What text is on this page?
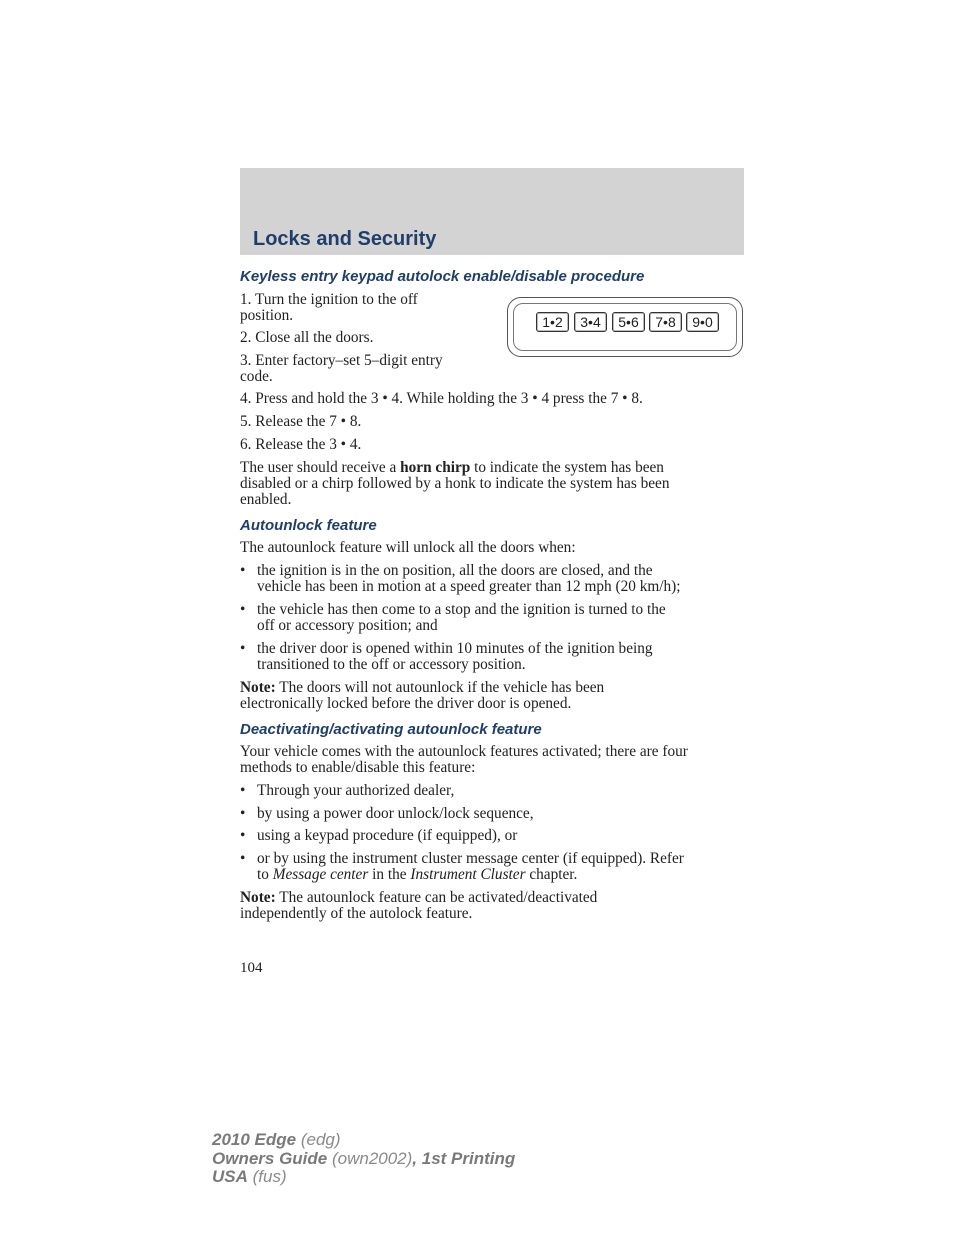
Locks and Security
Keyless entry keypad autolock enable/disable procedure
1. Turn the ignition to the off
position.
2. Close all the doors.
3. Enter factory–set 5–digit entry
code.
4. Press and hold the 3 • 4. While holding the 3 • 4 press the 7 • 8.
5. Release the 7 • 8.
6. Release the 3 • 4.
The user should receive a horn chirp to indicate the system has been
disabled or a chirp followed by a honk to indicate the system has been
enabled.
1•2	3•4	5•6	7•8	9•0
Autounlock feature
The autounlock feature will unlock all the doors when:
• the ignition is in the on position, all the doors are closed, and the
vehicle has been in motion at a speed greater than 12 mph (20 km/h);
• the vehicle has then come to a stop and the ignition is turned to the
off or accessory position; and
• the driver door is opened within 10 minutes of the ignition being
transitioned to the off or accessory position.
Note: The doors will not autounlock if the vehicle has been
electronically locked before the driver door is opened.
Deactivating/activating autounlock feature
Your vehicle comes with the autounlock features activated; there are four
methods to enable/disable this feature:
• Through your authorized dealer,
• by using a power door unlock/lock sequence,
• using a keypad procedure (if equipped), or
• or by using the instrument cluster message center (if equipped). Refer
to Message center in the Instrument Cluster chapter.
Note: The autounlock feature can be activated/deactivated
independently of the autolock feature.
104
2010 Edge (edg)
Owners Guide (own2002), 1st Printing
USA (fus)
